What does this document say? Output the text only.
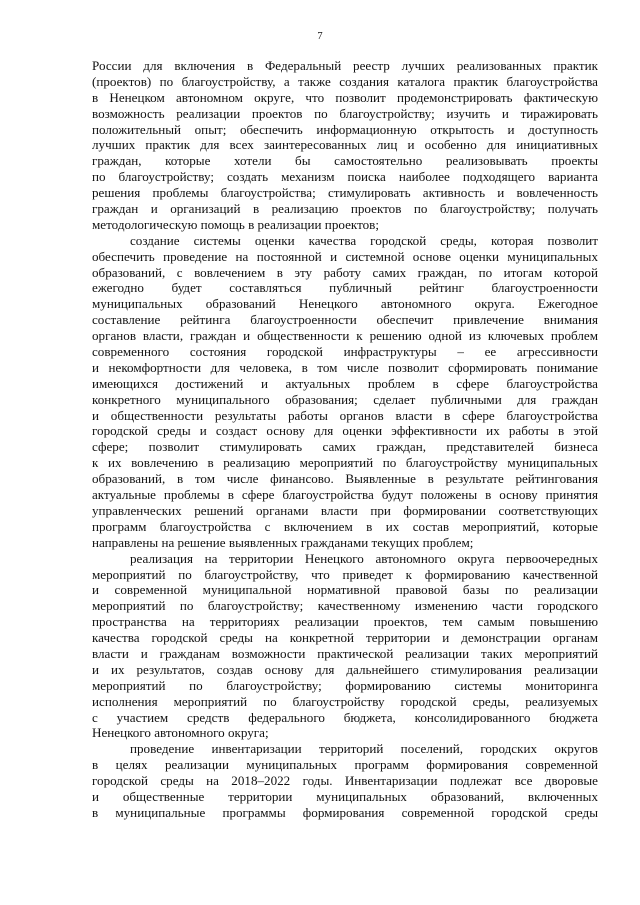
7
России для включения в Федеральный реестр лучших реализованных практик
(проектов) по благоустройству, а также создания каталога практик благоустройства
в Ненецком автономном округе, что позволит продемонстрировать фактическую
возможность реализации проектов по благоустройству; изучить и тиражировать
положительный опыт; обеспечить информационную открытость и доступность
лучших практик для всех заинтересованных лиц и особенно для инициативных
граждан, которые хотели бы самостоятельно реализовывать проекты
по благоустройству; создать механизм поиска наиболее подходящего варианта
решения проблемы благоустройства; стимулировать активность и вовлеченность
граждан и организаций в реализацию проектов по благоустройству; получать
методологическую помощь в реализации проектов;
создание системы оценки качества городской среды, которая позволит
обеспечить проведение на постоянной и системной основе оценки муниципальных
образований, с вовлечением в эту работу самих граждан, по итогам которой
ежегодно будет составляться публичный рейтинг благоустроенности
муниципальных образований Ненецкого автономного округа. Ежегодное
составление рейтинга благоустроенности обеспечит привлечение внимания
органов власти, граждан и общественности к решению одной из ключевых проблем
современного состояния городской инфраструктуры – ее агрессивности
и некомфортности для человека, в том числе позволит сформировать понимание
имеющихся достижений и актуальных проблем в сфере благоустройства
конкретного муниципального образования; сделает публичными для граждан
и общественности результаты работы органов власти в сфере благоустройства
городской среды и создаст основу для оценки эффективности их работы в этой
сфере; позволит стимулировать самих граждан, представителей бизнеса
к их вовлечению в реализацию мероприятий по благоустройству муниципальных
образований, в том числе финансово. Выявленные в результате рейтингования
актуальные проблемы в сфере благоустройства будут положены в основу принятия
управленческих решений органами власти при формировании соответствующих
программ благоустройства с включением в их состав мероприятий, которые
направлены на решение выявленных гражданами текущих проблем;
реализация на территории Ненецкого автономного округа первоочередных
мероприятий по благоустройству, что приведет к формированию качественной
и современной муниципальной нормативной правовой базы по реализации
мероприятий по благоустройству; качественному изменению части городского
пространства на территориях реализации проектов, тем самым повышению
качества городской среды на конкретной территории и демонстрации органам
власти и гражданам возможности практической реализации таких мероприятий
и их результатов, создав основу для дальнейшего стимулирования реализации
мероприятий по благоустройству; формированию системы мониторинга
исполнения мероприятий по благоустройству городской среды, реализуемых
с участием средств федерального бюджета, консолидированного бюджета
Ненецкого автономного округа;
проведение инвентаризации территорий поселений, городских округов
в целях реализации муниципальных программ формирования современной
городской среды на 2018–2022 годы. Инвентаризации подлежат все дворовые
и общественные территории муниципальных образований, включенных
в муниципальные программы формирования современной городской среды
